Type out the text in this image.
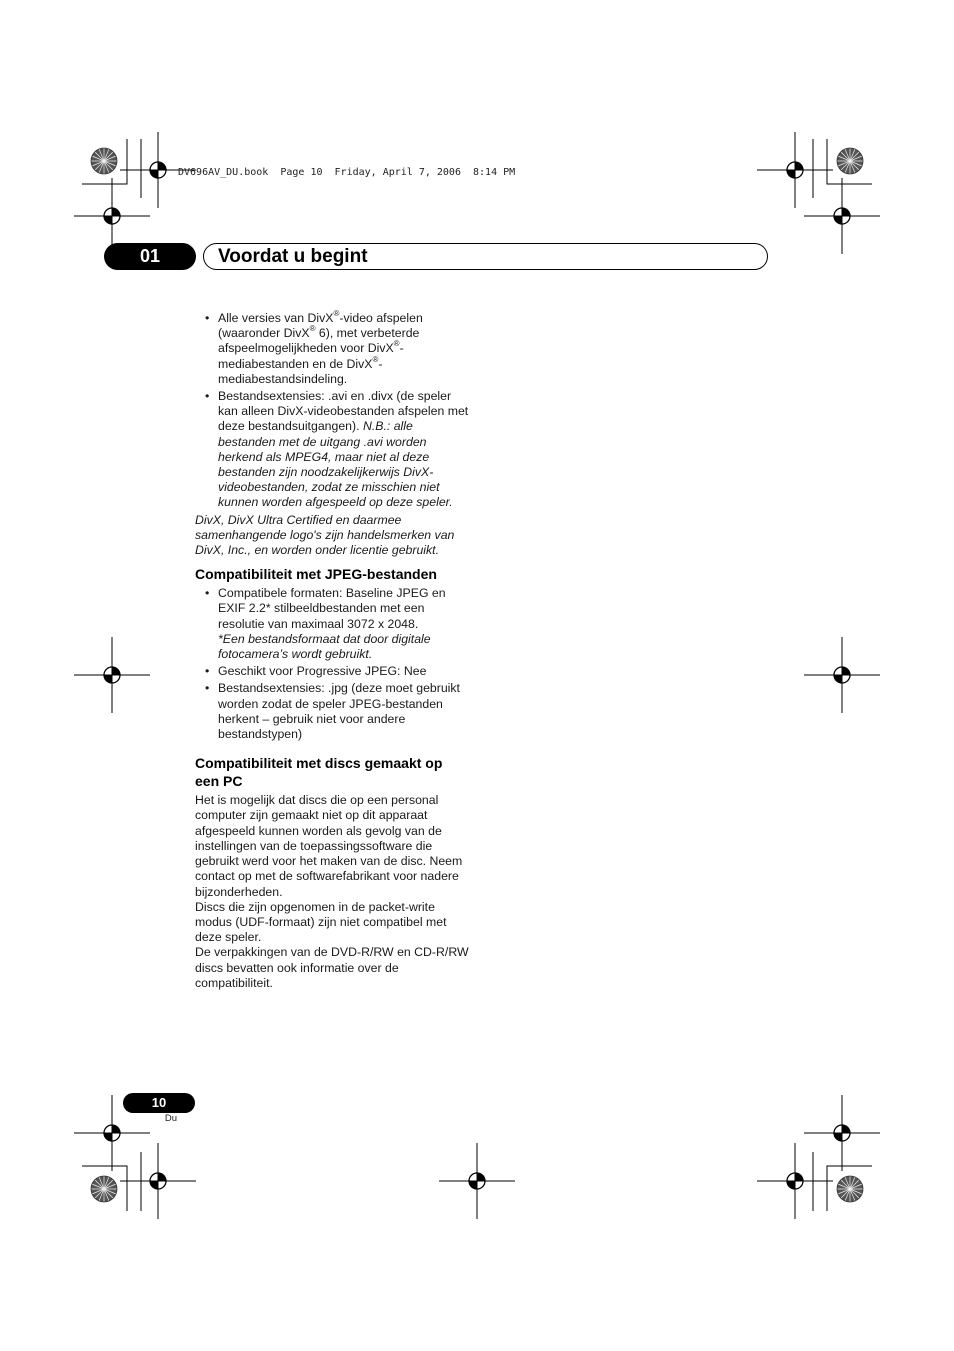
DV696AV_DU.book  Page 10  Friday, April 7, 2006  8:14 PM
01	Voordat u begint
• Alle versies van DivX®-video afspelen (waaronder DivX® 6), met verbeterde afspeelmogelijkheden voor DivX®-mediabestanden en de DivX®-mediabestandsindeling.
• Bestandsextensies: .avi en .divx (de speler kan alleen DivX-videobestanden afspelen met deze bestandsuitgangen). N.B.: alle bestanden met de uitgang .avi worden herkend als MPEG4, maar niet al deze bestanden zijn noodzakelijkerwijs DivX-videobestanden, zodat ze misschien niet kunnen worden afgespeeld op deze speler.

DivX, DivX Ultra Certified en daarmee samenhangende logo's zijn handelsmerken van DivX, Inc., en worden onder licentie gebruikt.

Compatibiliteit met JPEG-bestanden
• Compatibele formaten: Baseline JPEG en EXIF 2.2* stilbeeldbestanden met een resolutie van maximaal 3072 x 2048.
*Een bestandsformaat dat door digitale fotocamera’s wordt gebruikt.
• Geschikt voor Progressive JPEG: Nee
• Bestandsextensies: .jpg (deze moet gebruikt worden zodat de speler JPEG-bestanden herkent – gebruik niet voor andere bestandstypen)
Compatibiliteit met discs gemaakt op een PC

Het is mogelijk dat discs die op een personal computer zijn gemaakt niet op dit apparaat afgespeeld kunnen worden als gevolg van de instellingen van de toepassingssoftware die gebruikt werd voor het maken van de disc. Neem contact op met de softwarefabrikant voor nadere bijzonderheden.

Discs die zijn opgenomen in de packet-write modus (UDF-formaat) zijn niet compatibel met deze speler.

De verpakkingen van de DVD-R/RW en CD-R/RW discs bevatten ook informatie over de compatibiliteit.

10
Du
